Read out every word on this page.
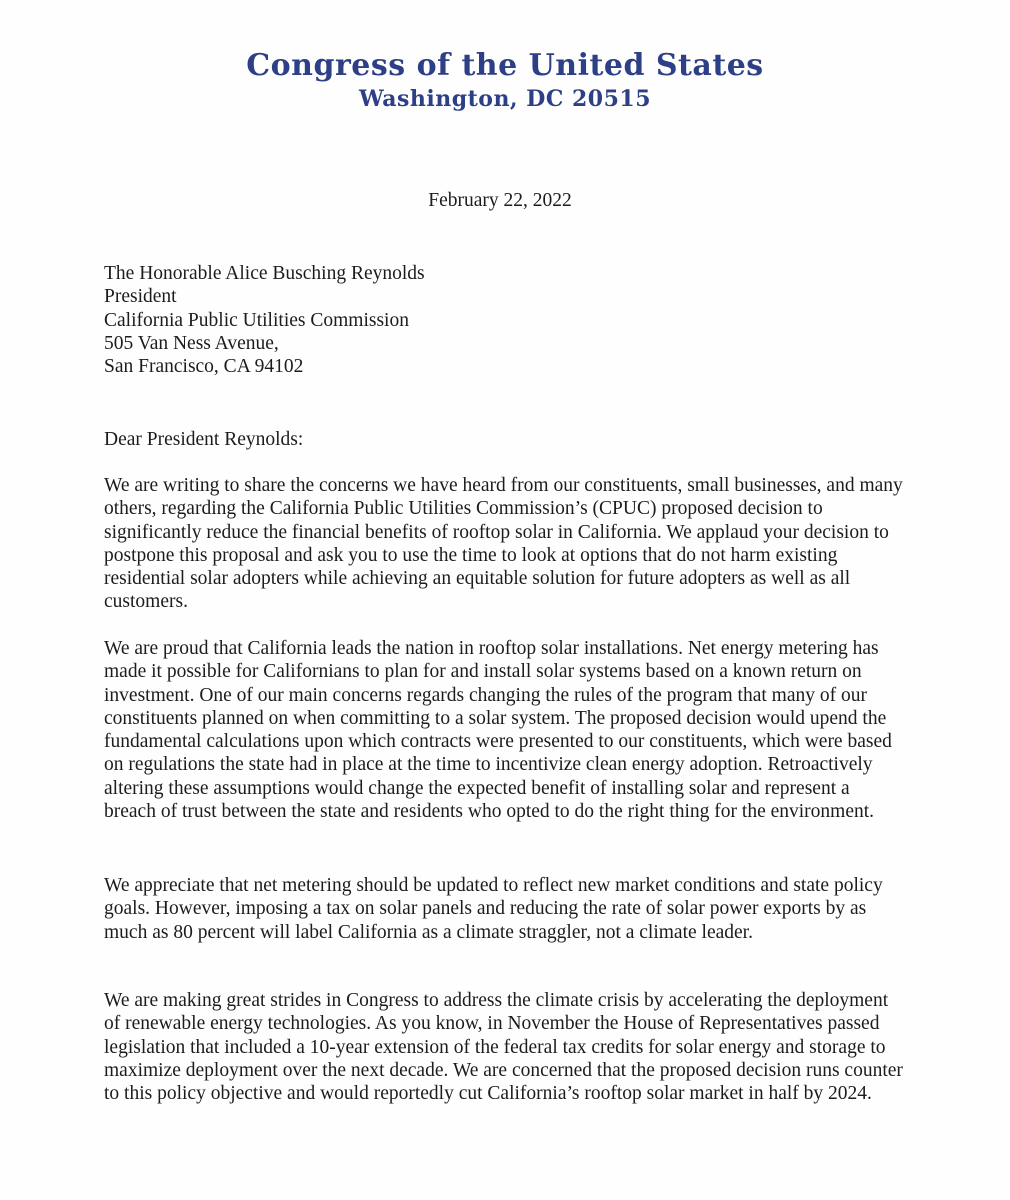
Congress of the United States
Washington, DC 20515
February 22, 2022
The Honorable Alice Busching Reynolds
President
California Public Utilities Commission
505 Van Ness Avenue,
San Francisco, CA 94102
Dear President Reynolds:

We are writing to share the concerns we have heard from our constituents, small businesses, and many others, regarding the California Public Utilities Commission’s (CPUC) proposed decision to significantly reduce the financial benefits of rooftop solar in California. We applaud your decision to postpone this proposal and ask you to use the time to look at options that do not harm existing residential solar adopters while achieving an equitable solution for future adopters as well as all customers.

We are proud that California leads the nation in rooftop solar installations. Net energy metering has made it possible for Californians to plan for and install solar systems based on a known return on investment. One of our main concerns regards changing the rules of the program that many of our constituents planned on when committing to a solar system. The proposed decision would upend the fundamental calculations upon which contracts were presented to our constituents, which were based on regulations the state had in place at the time to incentivize clean energy adoption. Retroactively altering these assumptions would change the expected benefit of installing solar and represent a breach of trust between the state and residents who opted to do the right thing for the environment.

We appreciate that net metering should be updated to reflect new market conditions and state policy goals. However, imposing a tax on solar panels and reducing the rate of solar power exports by as much as 80 percent will label California as a climate straggler, not a climate leader.

We are making great strides in Congress to address the climate crisis by accelerating the deployment of renewable energy technologies. As you know, in November the House of Representatives passed legislation that included a 10-year extension of the federal tax credits for solar energy and storage to maximize deployment over the next decade. We are concerned that the proposed decision runs counter to this policy objective and would reportedly cut California’s rooftop solar market in half by 2024.
